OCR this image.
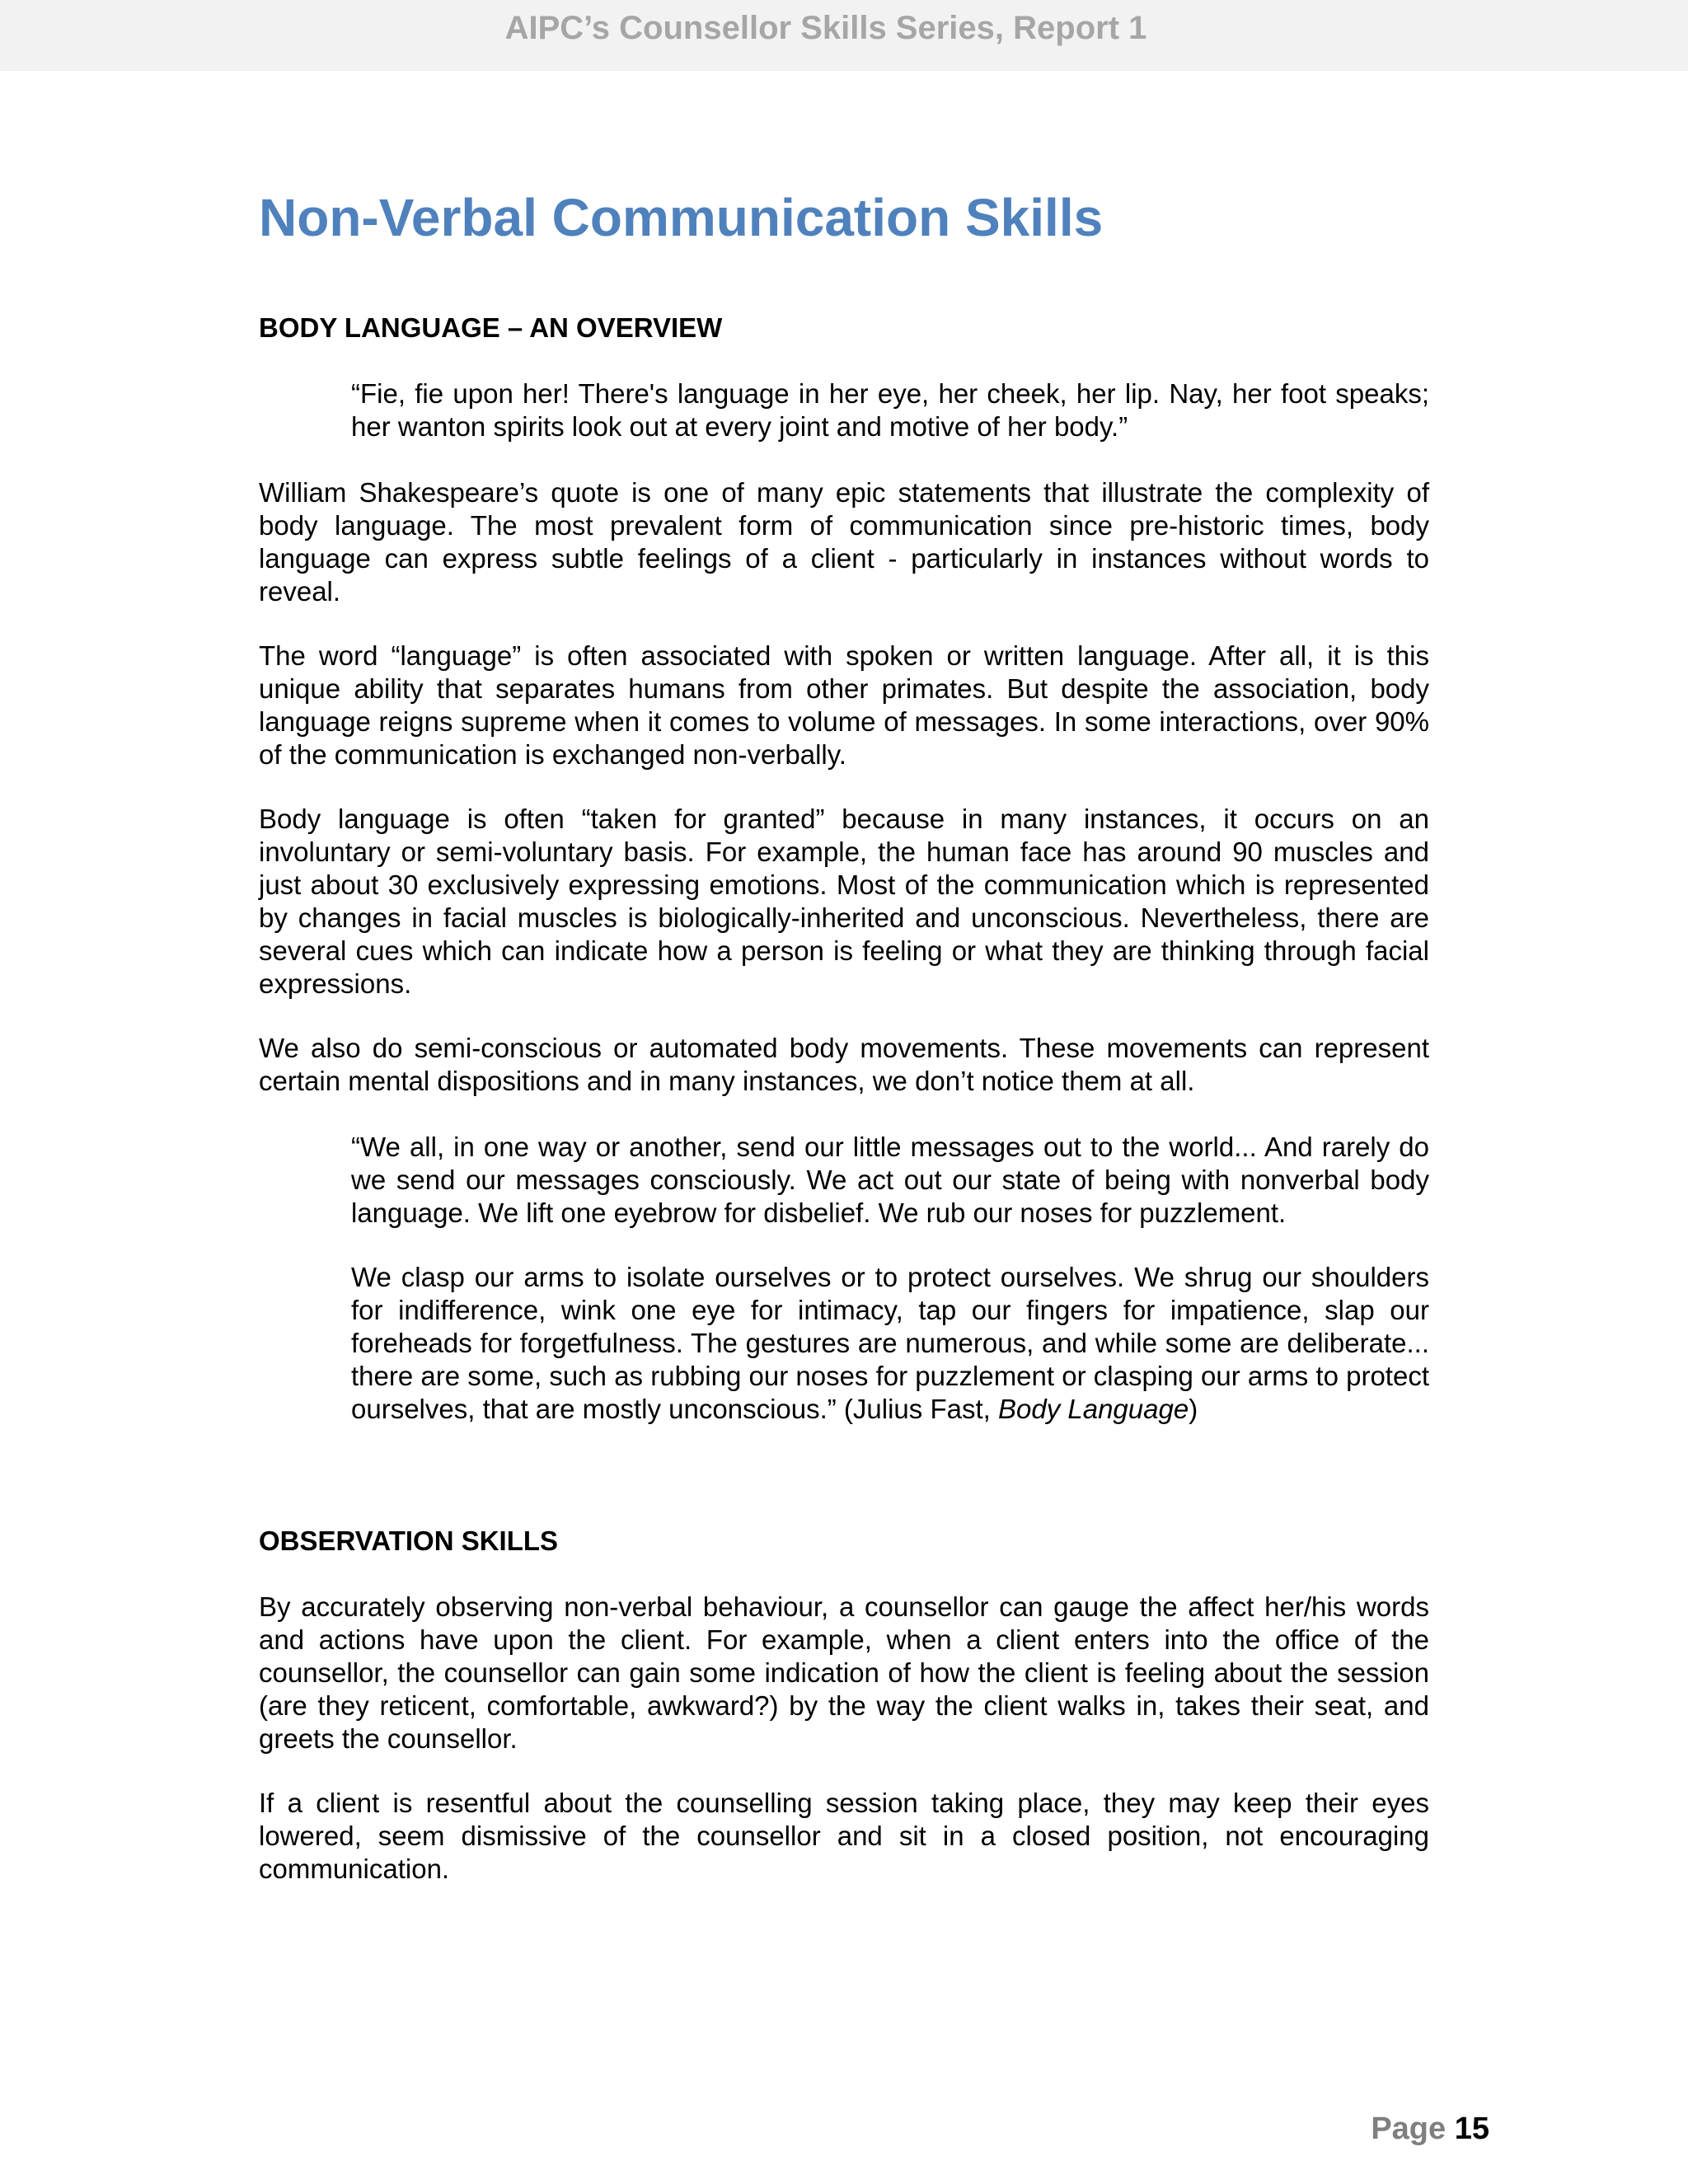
AIPC’s Counsellor Skills Series, Report 1
Non-Verbal Communication Skills
BODY LANGUAGE – AN OVERVIEW

“Fie, fie upon her! There's language in her eye, her cheek, her lip. Nay, her foot speaks; her wanton spirits look out at every joint and motive of her body.”

William Shakespeare’s quote is one of many epic statements that illustrate the complexity of body language. The most prevalent form of communication since pre-historic times, body language can express subtle feelings of a client - particularly in instances without words to reveal.

The word “language” is often associated with spoken or written language. After all, it is this unique ability that separates humans from other primates. But despite the association, body language reigns supreme when it comes to volume of messages. In some interactions, over 90% of the communication is exchanged non-verbally.

Body language is often “taken for granted” because in many instances, it occurs on an involuntary or semi-voluntary basis. For example, the human face has around 90 muscles and just about 30 exclusively expressing emotions. Most of the communication which is represented by changes in facial muscles is biologically-inherited and unconscious. Nevertheless, there are several cues which can indicate how a person is feeling or what they are thinking through facial expressions.

We also do semi-conscious or automated body movements. These movements can represent certain mental dispositions and in many instances, we don’t notice them at all.

“We all, in one way or another, send our little messages out to the world... And rarely do we send our messages consciously. We act out our state of being with nonverbal body language. We lift one eyebrow for disbelief. We rub our noses for puzzlement.

We clasp our arms to isolate ourselves or to protect ourselves. We shrug our shoulders for indifference, wink one eye for intimacy, tap our fingers for impatience, slap our foreheads for forgetfulness. The gestures are numerous, and while some are deliberate... there are some, such as rubbing our noses for puzzlement or clasping our arms to protect ourselves, that are mostly unconscious.” (Julius Fast, Body Language)

OBSERVATION SKILLS

By accurately observing non-verbal behaviour, a counsellor can gauge the affect her/his words and actions have upon the client. For example, when a client enters into the office of the counsellor, the counsellor can gain some indication of how the client is feeling about the session (are they reticent, comfortable, awkward?) by the way the client walks in, takes their seat, and greets the counsellor.

If a client is resentful about the counselling session taking place, they may keep their eyes lowered, seem dismissive of the counsellor and sit in a closed position, not encouraging communication.

Page 15
